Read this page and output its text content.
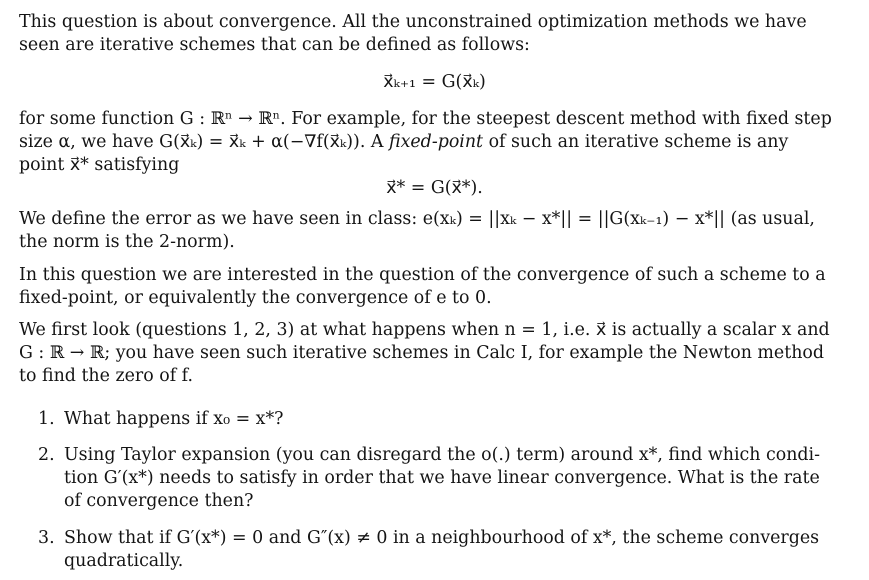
This question is about convergence. All the unconstrained optimization methods we have
seen are iterative schemes that can be defined as follows:
x⃗ₖ₊₁ = G(x⃗ₖ)
for some function G : ℝⁿ → ℝⁿ. For example, for the steepest descent method with fixed step
size α, we have G(x⃗ₖ) = x⃗ₖ + α(−∇f(x⃗ₖ)). A fixed-point of such an iterative scheme is any
point x⃗* satisfying
x⃗* = G(x⃗*).
We define the error as we have seen in class: e(xₖ) = ||xₖ − x*|| = ||G(xₖ₋₁) − x*|| (as usual,
the norm is the 2-norm).
In this question we are interested in the question of the convergence of such a scheme to a
fixed-point, or equivalently the convergence of e to 0.
We first look (questions 1, 2, 3) at what happens when n = 1, i.e. x⃗ is actually a scalar x and
G : ℝ → ℝ; you have seen such iterative schemes in Calc I, for example the Newton method
to find the zero of f.
1. What happens if x₀ = x*?
2. Using Taylor expansion (you can disregard the o(.) term) around x*, find which condi-
tion G′(x*) needs to satisfy in order that we have linear convergence. What is the rate
of convergence then?
3. Show that if G′(x*) = 0 and G″(x) ≠ 0 in a neighbourhood of x*, the scheme converges
quadratically.
